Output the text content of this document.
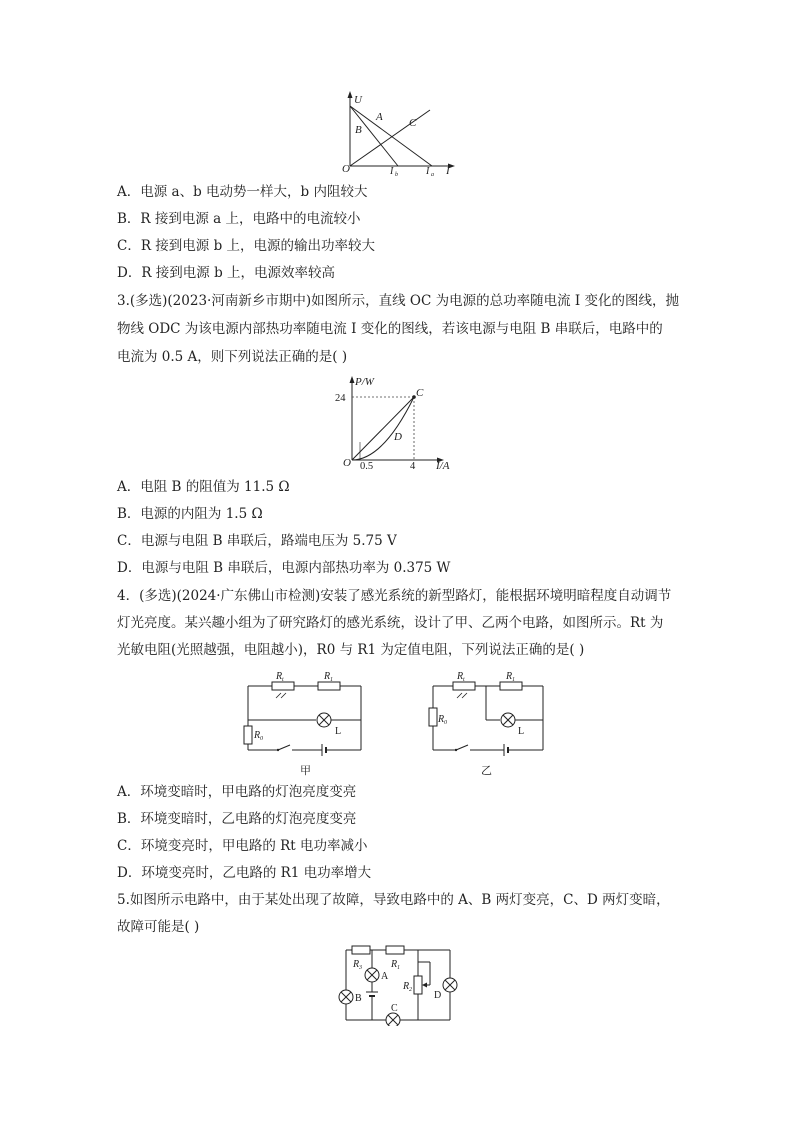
U
A
B
C
O	I b	I a I
A．电源 a、b 电动势一样大，b 内阻较大
B．R 接到电源 a 上，电路中的电流较小
C．R 接到电源 b 上，电源的输出功率较大
D．R 接到电源 b 上，电源效率较高
3.(多选)(2023·河南新乡市期中)如图所示，直线 OC 为电源的总功率随电流 I 变化的图线，抛
物线 ODC 为该电源内部热功率随电流 I 变化的图线，若该电源与电阻 B 串联后，电路中的
电流为 0.5 A，则下列说法正确的是( )
P/W
24	C
D
O 0.5	4 I/A
A．电阻 B 的阻值为 11.5 Ω
B．电源的内阻为 1.5 Ω
C．电源与电阻 B 串联后，路端电压为 5.75 V
D．电源与电阻 B 串联后，电源内部热功率为 0.375 W
4．(多选)(2024·广东佛山市检测)安装了感光系统的新型路灯，能根据环境明暗程度自动调节
灯光亮度。某兴趣小组为了研究路灯的感光系统，设计了甲、乙两个电路，如图所示。Rt 为
光敏电阻(光照越强，电阻越小)，R0 与 R1 为定值电阻，下列说法正确的是( )
R t	R 1
R 0
L
甲
R t	R 1
R 0
L
乙
A．环境变暗时，甲电路的灯泡亮度变亮
B．环境变暗时，乙电路的灯泡亮度变亮
C．环境变亮时，甲电路的 Rt 电功率减小
D．环境变亮时，乙电路的 R1 电功率增大
5.如图所示电路中，由于某处出现了故障，导致电路中的 A、B 两灯变亮，C、D 两灯变暗，
故障可能是( )
R 3	R 1
R 2
A
B
C
D
